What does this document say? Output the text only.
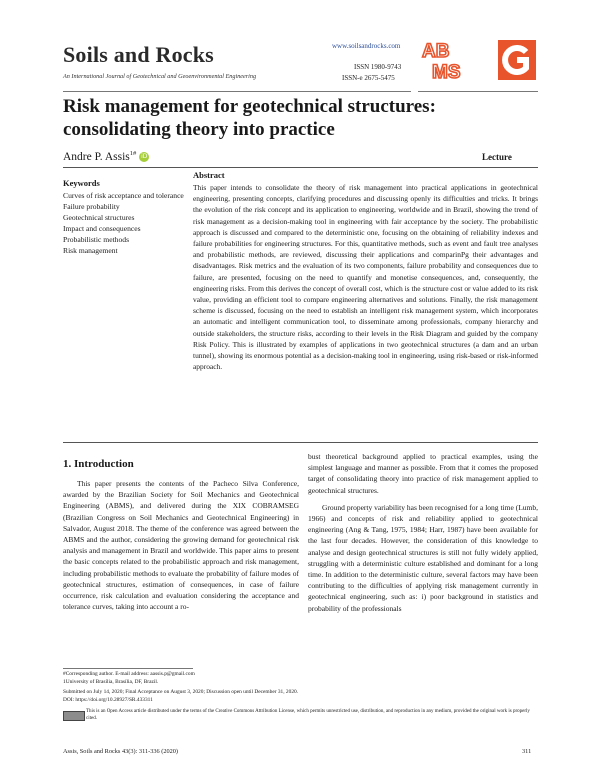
Soils and Rocks
An International Journal of Geotechnical and Geoenvironmental Engineering
www.soilsandrocks.com
ISSN 1980-9743
ISSN-e 2675-5475
AB
MS
Risk management for geotechnical structures: consolidating theory into practice
Andre P. Assis$^{1\#}$ iD	Lecture
Keywords
Curves of risk acceptance and tolerance
Failure probability
Geotechnical structures
Impact and consequences
Probabilistic methods
Risk management
Abstract
This paper intends to consolidate the theory of risk management into practical applications in geotechnical engineering, presenting concepts, clarifying procedures and discussing openly its difficulties and tricks. It brings the evolution of the risk concept and its application to engineering, worldwide and in Brazil, showing the trend of risk management as a decision-making tool in engineering with fair acceptance by the society. The probabilistic approach is discussed and compared to the deterministic one, focusing on the obtaining of reliability indexes and failure probabilities for engineering structures. For this, quantitative methods, such as event and fault tree analyses and probabilistic methods, are reviewed, discussing their applications and comparinPg their advantages and disadvantages. Risk metrics and the evaluation of its two components, failure probability and consequences due to failure, are presented, focusing on the need to quantify and monetise consequences, and, consequently, the engineering risks. From this derives the concept of overall cost, which is the structure cost or value added to its risk value, providing an efficient tool to compare engineering alternatives and solutions. Finally, the risk management scheme is discussed, focusing on the need to establish an intelligent risk management system, which incorporates an automatic and intelligent communication tool, to disseminate among professionals, company hierarchy and outside stakeholders, the structure risks, according to their levels in the Risk Diagram and guided by the company Risk Policy. This is illustrated by examples of applications in two geotechnical structures (a dam and an urban tunnel), showing its enormous potential as a decision-making tool in engineering, using risk-based or risk-informed approach.
1. Introduction

This paper presents the contents of the Pacheco Silva Conference, awarded by the Brazilian Society for Soil Mechanics and Geotechnical Engineering (ABMS), and delivered during the XIX COBRAMSEG (Brazilian Congress on Soil Mechanics and Geotechnical Engineering) in Salvador, August 2018. The theme of the conference was agreed between the ABMS and the author, considering the growing demand for geotechnical risk analysis and management in Brazil and worldwide. This paper aims to present the basic concepts related to the probabilistic approach and risk management, including probabilistic methods to evaluate the probability of failure modes of geotechnical structures, estimation of consequences, in case of failure occurrence, risk calculation and evaluation considering the acceptance and tolerance curves, taking into account a ro-

bust theoretical background applied to practical examples, using the simplest language and manner as possible. From that it comes the proposed target of consolidating theory into practice of risk management applied to geotechnical structures.

Ground property variability has been recognised for a long time (Lumb, 1966) and concepts of risk and reliability applied to geotechnical engineering (Ang & Tang, 1975, 1984; Harr, 1987) have been available for the last four decades. However, the consideration of this knowledge to analyse and design geotechnical structures is still not fully widely applied, struggling with a deterministic culture established and dominant for a long time. In addition to the deterministic culture, several factors may have been contributing to the difficulties of applying risk management currently in geotechnical engineering, such as: i) poor background in statistics and probability of the professionals

#Corresponding author. E-mail address: aassis.p@gmail.com
1University of Brasília, Brasília, DF, Brazil.
Submitted on July 14, 2020; Final Acceptance on August 3, 2020; Discussion open until December 31, 2020.
DOI: https://doi.org/10.28927/SR.433311
This is an Open Access article distributed under the terms of the Creative Commons Attribution License, which permits unrestricted use, distribution, and reproduction in any medium, provided the original work is properly cited.
Assis, Soils and Rocks 43(3): 311-336 (2020)	311
